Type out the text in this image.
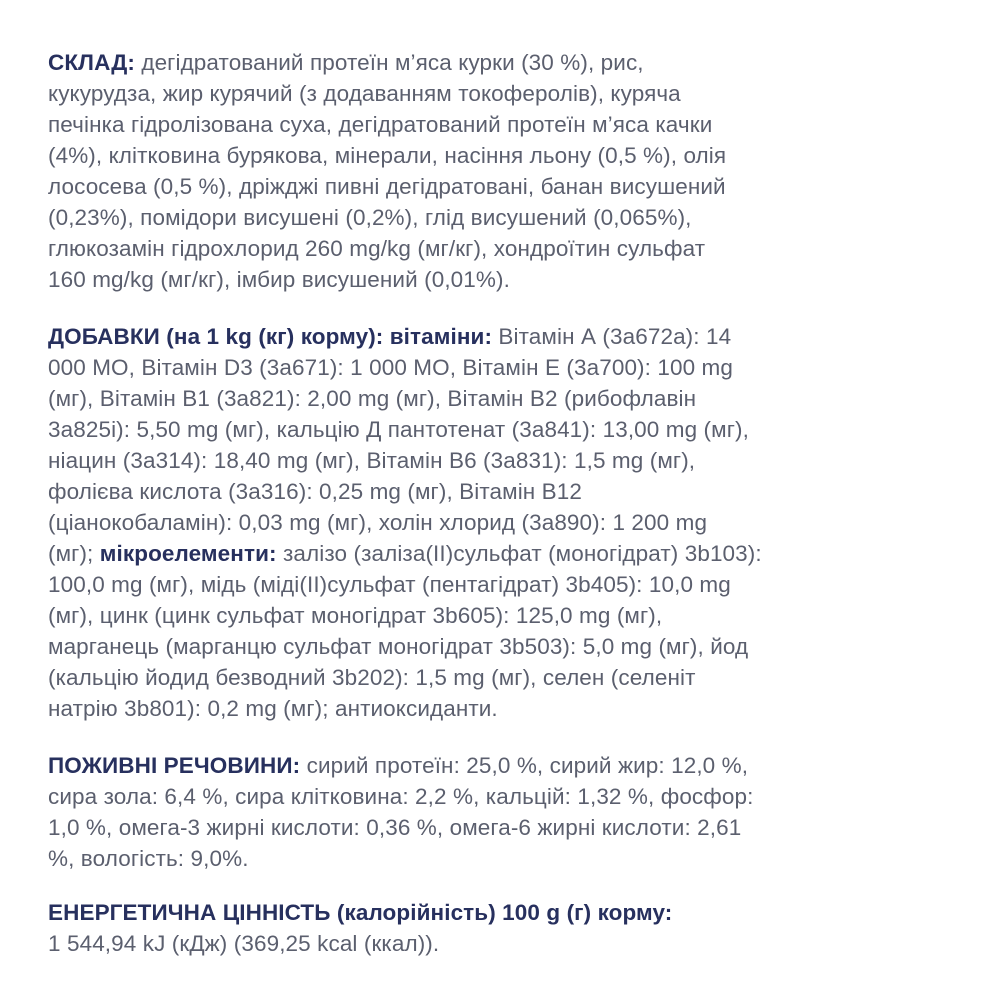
СКЛАД: дегідратований протеїн м’яса курки (30 %), рис,
кукурудза, жир курячий (з додаванням токоферолів), куряча
печінка гідролізована суха, дегідратований протеїн м’яса качки
(4%), клітковина бурякова, мінерали, насіння льону (0,5 %), олія
лососева (0,5 %), дріжджі пивні дегідратовані, банан висушений
(0,23%), помідори висушені (0,2%), глід висушений (0,065%),
глюкозамін гідрохлорид 260 mg/kg (мг/кг), хондроїтин сульфат
160 mg/kg (мг/кг), імбир висушений (0,01%).

ДОБАВКИ (на 1 kg (кг) корму): вітаміни: Вітамін А (3а672а): 14
000 МО, Вітамін D3 (3а671): 1 000 МО, Вітамін Е (3а700): 100 mg
(мг), Вітамін В1 (3а821): 2,00 mg (мг), Вітамін В2 (рибофлавін
3а825і): 5,50 mg (мг), кальцію Д пантотенат (3а841): 13,00 mg (мг),
ніацин (3а314): 18,40 mg (мг), Вітамін В6 (3а831): 1,5 mg (мг),
фолієва кислота (3а316): 0,25 mg (мг), Вітамін В12
(ціанокобаламін): 0,03 mg (мг), холін хлорид (3а890): 1 200 mg
(мг); мікроелементи: залізо (заліза(ІІ)сульфат (моногідрат) 3b103):
100,0 mg (мг), мідь (міді(ІІ)сульфат (пентагідрат) 3b405): 10,0 mg
(мг), цинк (цинк сульфат моногідрат 3b605): 125,0 mg (мг),
марганець (марганцю сульфат моногідрат 3b503): 5,0 mg (мг), йод
(кальцію йодид безводний 3b202): 1,5 mg (мг), селен (селеніт
натрію 3b801): 0,2 mg (мг); антиоксиданти.

ПОЖИВНІ РЕЧОВИНИ: сирий протеїн: 25,0 %, сирий жир: 12,0 %,
сира зола: 6,4 %, сира клітковина: 2,2 %, кальцій: 1,32 %, фосфор:
1,0 %, омега-3 жирні кислоти: 0,36 %, омега-6 жирні кислоти: 2,61
%, вологість: 9,0%.

ЕНЕРГЕТИЧНА ЦІННІСТЬ (калорійність) 100 g (г) корму:
1 544,94 kJ (кДж) (369,25 kcal (ккал)).
